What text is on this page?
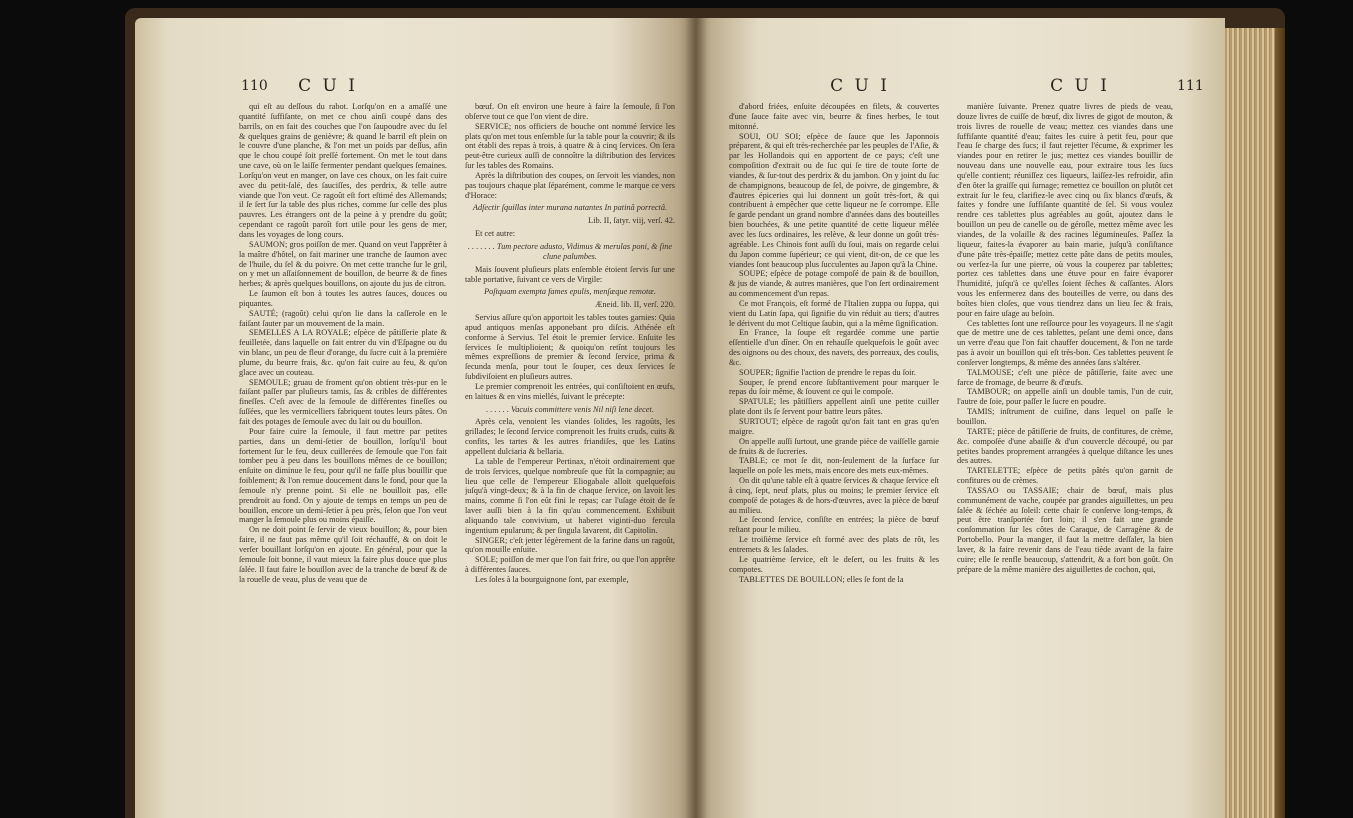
110	C U I

qui eſt au deſſous du rabot. Lorſqu'on en a amaſſé une quantité ſuffiſante, on met ce chou ainſi coupé dans des barrils, on en fait des couches que l'on ſaupoudre avec du ſel & quelques grains de genièvre; & quand le barril eſt plein on le couvre d'une planche, & l'on met un poids par deſſus, afin que le chou coupé ſoit preſſé fortement. On met le tout dans une cave, où on le laiſſe fermenter pendant quelques ſemaines. Lorſqu'on veut en manger, on lave ces choux, on les fait cuire avec du petit-ſalé, des ſauciſſes, des perdrix, & telle autre viande que l'on veut. Ce ragoût eſt fort eſtimé des Allemands; il ſe ſert ſur la table des plus riches, comme ſur celle des plus pauvres. Les étrangers ont de la peine à y prendre du goût; cependant ce ragoût paroît fort utile pour les gens de mer, dans les voyages de long cours.

SAUMON; gros poiſſon de mer. Quand on veut l'apprêter à la maître d'hôtel, on fait mariner une tranche de ſaumon avec de l'huile, du ſel & du poivre. On met cette tranche ſur le gril, on y met un aſſaiſonnement de bouillon, de beurre & de fines herbes; & après quelques bouillons, on ajoute du jus de citron.

Le ſaumon eſt bon à toutes les autres ſauces, douces ou piquantes.

SAUTÉ; (ragoût) celui qu'on lie dans la caſſerole en le faiſant ſauter par un mouvement de la main.

SEMELLES A LA ROYALE; eſpèce de pâtiſſerie plate & feuilletée, dans laquelle on fait entrer du vin d'Eſpagne ou du vin blanc, un peu de fleur d'orange, du ſucre cuit à la première plume, du beurre frais, &c. qu'on fait cuire au feu, & qu'on glace avec un couteau.

SEMOULE; gruau de froment qu'on obtient très-pur en le faiſant paſſer par pluſieurs tamis, ſas & cribles de différentes fineſſes. C'eſt avec de la ſemoule de différentes fineſſes ou ſuſſées, que les vermicelliers fabriquent toutes leurs pâtes. On fait des potages de ſemoule avec du lait ou du bouillon.

Pour faire cuire la ſemoule, il faut mettre par petites parties, dans un demi-ſetier de bouillon, lorſqu'il bout fortement ſur le feu, deux cuillerées de ſemoule que l'on fait tomber peu à peu dans les bouillons mêmes de ce bouillon; enſuite on diminue le feu, pour qu'il ne faſſe plus bouillir que foiblement; & l'on remue doucement dans le fond, pour que la ſemoule n'y prenne point. Si elle ne bouilloit pas, elle prendroit au fond. On y ajoute de temps en temps un peu de bouillon, encore un demi-ſetier à peu près, ſelon que l'on veut manger la ſemoule plus ou moins épaiſſe.

On ne doit point ſe ſervir de vieux bouillon; &, pour bien faire, il ne faut pas même qu'il ſoit réchauffé, & on doit le verſer bouillant lorſqu'on en ajoute. En général, pour que la ſemoule ſoit bonne, il vaut mieux la faire plus douce que plus ſalée. Il faut faire le bouillon avec de la tranche de bœuf & de la rouelle de veau, plus de veau que de

bœuf. On eſt environ une heure à faire la ſemoule, ſi l'on obſerve tout ce que l'on vient de dire.

SERVICE; nos officiers de bouche ont nommé ſervice les plats qu'on met tous enſemble ſur la table pour la couvrir; & ils ont établi des repas à trois, à quatre & à cinq ſervices. On ſera peut-être curieux auſſi de connoître la diſtribution des ſervices ſur les tables des Romains.

Après la diſtribution des coupes, on ſervoit les viandes, non pas toujours chaque plat ſéparément, comme le marque ce vers d'Horace:

Adſectir ſquillas inter murana natantes In patinâ porrectâ.

Lib. II, ſatyr. viij, verſ. 42.

Et cet autre:

. . . . . . . Tum pectore adusto, Vidimus & merulas poni, & ſine clune palumbes.

Mais ſouvent pluſieurs plats enſemble étoient ſervis ſur une table portative, ſuivant ce vers de Virgile:

Poſtquam exempta fames epulis, menſæque remotæ.

Æneid. lib. II, verſ. 220.

Servius aſſure qu'on apportoit les tables toutes garnies: Quia apud antiquos menſas apponebant pro diſcis. Athénée eſt conforme à Servius. Tel étoit le premier ſervice. Enſuite les ſervices ſe multiplioient; & quoiqu'on retînt toujours les mêmes expreſſions de premier & ſecond ſervice, prima & ſecunda menſa, pour tout le ſouper, ces deux ſervices ſe ſubdiviſoient en pluſieurs autres.

Le premier comprenoit les entrées, qui conſiſtoient en œufs, en laitues & en vins miellés, ſuivant le précepte:

. . . . . . Vacuis committere venis Nil niſi lene decet.

Après cela, venoient les viandes ſolides, les ragoûts, les grillades; le ſecond ſervice comprenoit les fruits cruds, cuits & confits, les tartes & les autres friandiſes, que les Latins appellent dulciaria & bellaria.

La table de l'empereur Pertinax, n'étoit ordinairement que de trois ſervices, quelque nombreuſe que fût la compagnie; au lieu que celle de l'empereur Eliogabale alloit quelquefois juſqu'à vingt-deux; & à la fin de chaque ſervice, on lavoit les mains, comme ſi l'on eût fini le repas; car l'uſage étoit de ſe laver auſſi bien à la fin qu'au commencement. Exhibuit aliquando tale convivium, ut haberet viginti-duo fercula ingentium epularum; & per ſingula lavarent, dit Capitolin.

SINGER; c'eſt jetter légèrement de la farine dans un ragoût, qu'on mouille enſuite.

SOLE; poiſſon de mer que l'on fait frire, ou que l'on apprête à différentes ſauces.

Les ſoles à la bourguignone ſont, par exemple,

C U I	C U I	111

d'abord friées, enſuite découpées en filets, & couvertes d'une ſauce faite avec vin, beurre & fines herbes, le tout mitonné.

SOUI, OU SOI; eſpèce de ſauce que les Japonnois préparent, & qui eſt très-recherchée par les peuples de l'Aſie, & par les Hollandois qui en apportent de ce pays; c'eſt une compoſition d'extrait ou de ſuc qui ſe tire de toute ſorte de viandes, & ſur-tout des perdrix & du jambon. On y joint du ſuc de champignons, beaucoup de ſel, de poivre, de gingembre, & d'autres épiceries qui lui donnent un goût très-fort, & qui contribuent à empêcher que cette liqueur ne ſe corrompe. Elle ſe garde pendant un grand nombre d'années dans des bouteilles bien bouchées, & une petite quantité de cette liqueur mêlée avec les ſucs ordinaires, les relève, & leur donne un goût très-agréable. Les Chinois font auſſi du ſoui, mais on regarde celui du Japon comme ſupérieur; ce qui vient, dit-on, de ce que les viandes ſont beaucoup plus ſucculentes au Japon qu'à la Chine.

SOUPE; eſpèce de potage compoſé de pain & de bouillon, & jus de viande, & autres manières, que l'on ſert ordinairement au commencement d'un repas.

Ce mot François, eſt formé de l'Italien zuppa ou ſuppa, qui vient du Latin ſapa, qui ſignifie du vin réduit au tiers; d'autres le dérivent du mot Celtique ſaubin, qui a la même ſignification.

En France, la ſoupe eſt regardée comme une partie eſſentielle d'un dîner. On en rehauſſe quelquefois le goût avec des oignons ou des choux, des navets, des porreaux, des coulis, &c.

SOUPER; ſignifie l'action de prendre le repas du ſoir.

Souper, ſe prend encore ſubſtantivement pour marquer le repas du ſoir même, & ſouvent ce qui le compoſe.

SPATULE; les pâtiſſiers appellent ainſi une petite cuiller plate dont ils ſe ſervent pour battre leurs pâtes.

SURTOUT; eſpèce de ragoût qu'on fait tant en gras qu'en maigre.

On appelle auſſi ſurtout, une grande pièce de vaiſſelle garnie de fruits & de ſucreries.

TABLE; ce mot ſe dit, non-ſeulement de la ſurface ſur laquelle on poſe les mets, mais encore des mets eux-mêmes.

On dit qu'une table eſt à quatre ſervices & chaque ſervice eſt à cinq, ſept, neuf plats, plus ou moins; le premier ſervice eſt compoſé de potages & de hors-d'œuvres, avec la pièce de bœuf au milieu.

Le ſecond ſervice, conſiſte en entrées; la pièce de bœuf reſtant pour le milieu.

Le troiſième ſervice eſt formé avec des plats de rôt, les entremets & les ſalades.

Le quatrième ſervice, eſt le deſert, ou les fruits & les compotes.

TABLETTES DE BOUILLON; elles ſe font de la

manière ſuivante. Prenez quatre livres de pieds de veau, douze livres de cuiſſe de bœuf, dix livres de gigot de mouton, & trois livres de rouelle de veau; mettez ces viandes dans une ſuffiſante quantité d'eau; faites les cuire à petit feu, pour que l'eau ſe charge des ſucs; il faut rejetter l'écume, & exprimer les viandes pour en retirer le jus; mettez ces viandes bouillir de nouveau dans une nouvelle eau, pour extraire tous les ſucs qu'elle contient; réuniſſez ces liqueurs, laiſſez-les refroidir, afin d'en ôter la graiſſe qui ſurnage; remettez ce bouillon on plutôt cet extrait ſur le feu, clarifiez-le avec cinq ou ſix blancs d'œufs, & faites y fondre une ſuffiſante quantité de ſel. Si vous voulez rendre ces tablettes plus agréables au goût, ajoutez dans le bouillon un peu de canelle ou de géroſle, mettez même avec les viandes, de la volaille & des racines légumineuſes. Paſſez la liqueur, faites-la évaporer au bain marie, juſqu'à conſiſtance d'une pâte très-épaiſſe; mettez cette pâte dans de petits moules, ou verſez-la ſur une pierre, où vous la couperez par tablettes; portez ces tablettes dans une étuve pour en faire évaporer l'humidité, juſqu'à ce qu'elles ſoient ſèches & caſſantes. Alors vous les enfermerez dans des bouteilles de verre, ou dans des boîtes bien cloſes, que vous tiendrez dans un lieu ſec & frais, pour en faire uſage au beſoin.

Ces tablettes ſont une reſſource pour les voyageurs. Il ne s'agit que de mettre une de ces tablettes, peſant une demi once, dans un verre d'eau que l'on fait chauffer doucement, & l'on ne tarde pas à avoir un bouillon qui eſt très-bon. Ces tablettes peuvent ſe conſerver longtemps, & même des années ſans s'altérer.

TALMOUSE; c'eſt une pièce de pâtiſſerie, faite avec une farce de fromage, de beurre & d'œufs.

TAMBOUR; on appelle ainſi un double tamis, l'un de cuir, l'autre de ſoie, pour paſſer le ſucre en poudre.

TAMIS; inſtrument de cuiſine, dans lequel on paſſe le bouillon.

TARTE; pièce de pâtiſſerie de fruits, de confitures, de crème, &c. compoſée d'une abaiſſe & d'un couvercle découpé, ou par petites bandes proprement arrangées à quelque diſtance les unes des autres.

TARTELETTE; eſpèce de petits pâtés qu'on garnit de confitures ou de crèmes.

TASSAO ou TASSAIE; chair de bœuf, mais plus communément de vache, coupée par grandes aiguillettes, un peu ſalée & ſéchée au ſoleil: cette chair ſe conſerve long-temps, & peut être tranſportée fort loin; il s'en fait une grande conſommation ſur les côtes de Caraque, de Carragène & de Portobello. Pour la manger, il faut la mettre deſſaler, la bien laver, & la faire revenir dans de l'eau tiède avant de la faire cuire; elle ſe renfle beaucoup, s'attendrit, & a fort bon goût. On prépare de la même manière des aiguillettes de cochon, qui,
